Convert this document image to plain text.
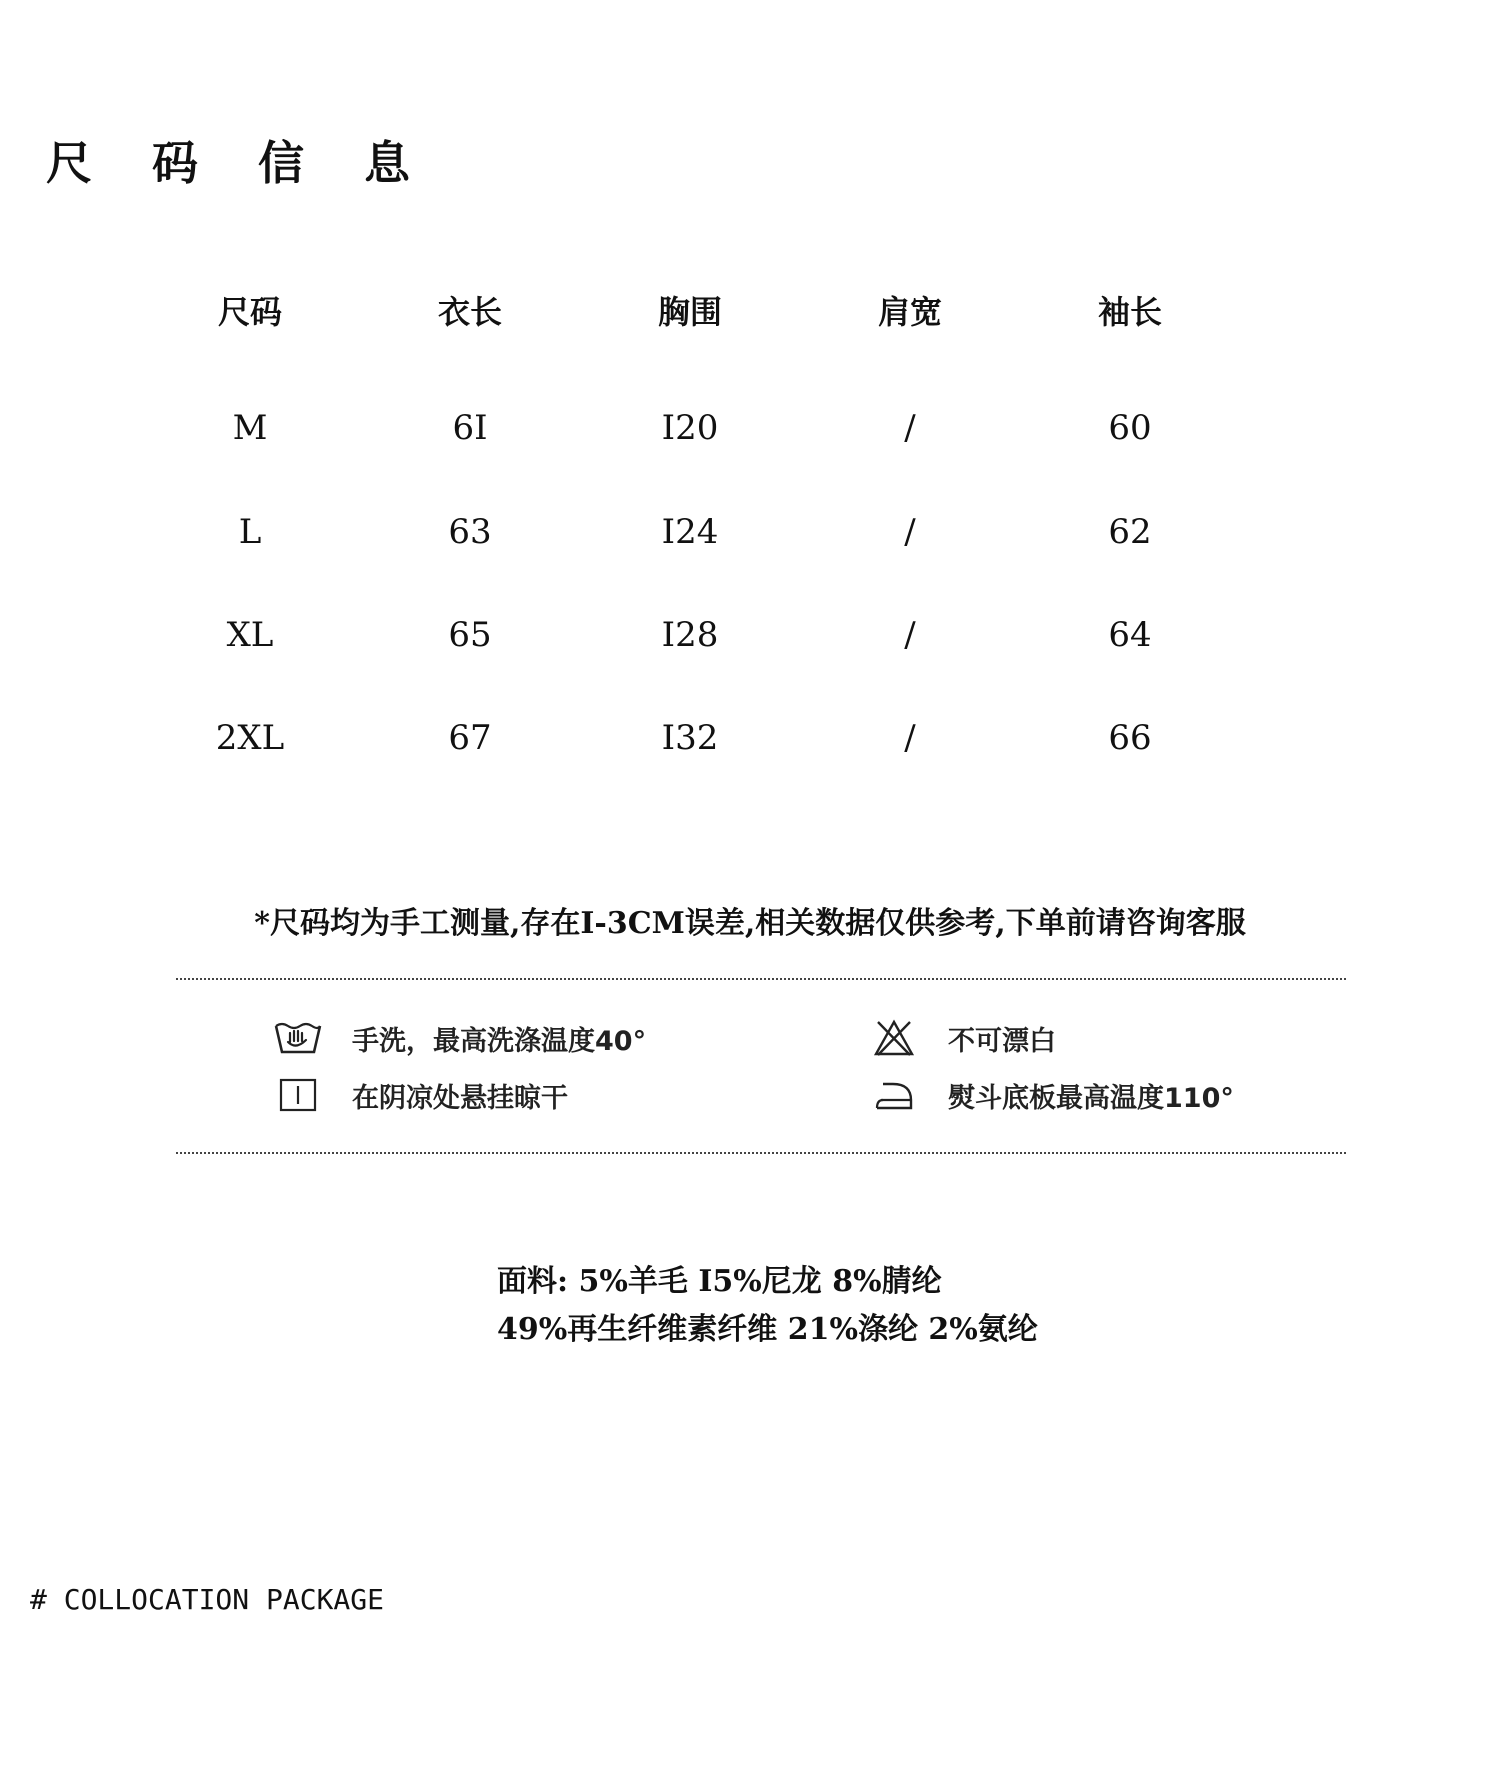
尺 码 信 息
尺码	衣长	胸围	肩宽	袖长
M	6I	I20	/	60
L	63	I24	/	62
XL	65	I28	/	64
2XL	67	I32	/	66

*尺码均为手工测量,存在I-3CM误差,相关数据仅供参考,下单前请咨询客服

手洗，最高洗涤温度40°	不可漂白
在阴凉处悬挂晾干	熨斗底板最高温度110°

面料: 5%羊毛 I5%尼龙 8%腈纶

49%再生纤维素纤维 21%涤纶 2%氨纶

# COLLOCATION PACKAGE
